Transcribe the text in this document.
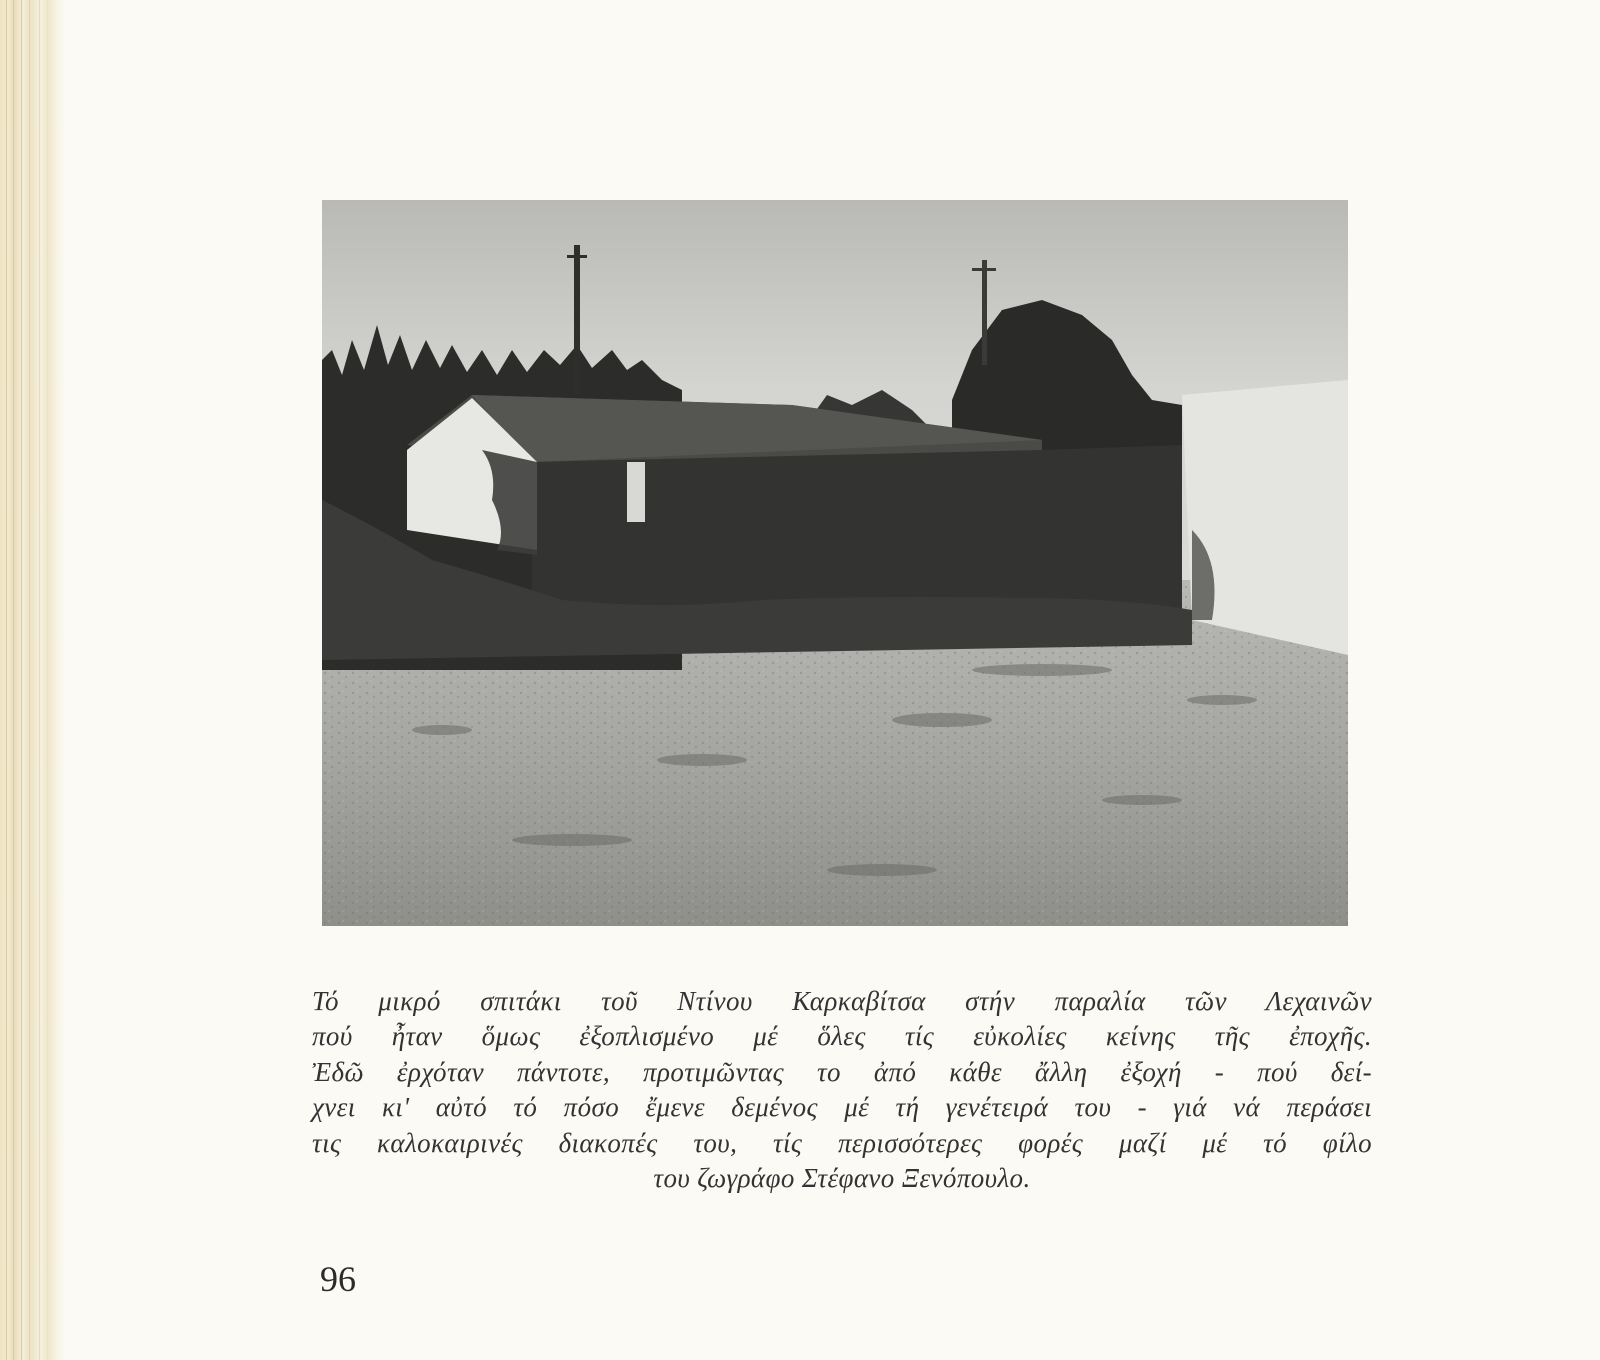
Τό μικρό σπιτάκι τοῦ Ντίνου Καρκαβίτσα στήν παραλία τῶν Λεχαινῶν
πού ἦταν ὅμως ἐξοπλισμένο μέ ὅλες τίς εὐκολίες κείνης τῆς ἐποχῆς.
Ἐδῶ ἐρχόταν πάντοτε, προτιμῶντας το ἀπό κάθε ἄλλη ἐξοχή - πού δεί-
χνει κι' αὐτό τό πόσο ἔμενε δεμένος μέ τή γενέτειρά του - γιά νά περάσει
τις καλοκαιρινές διακοπές του, τίς περισσότερες φορές μαζί μέ τό φίλο
του ζωγράφο Στέφανο Ξενόπουλο.
96
